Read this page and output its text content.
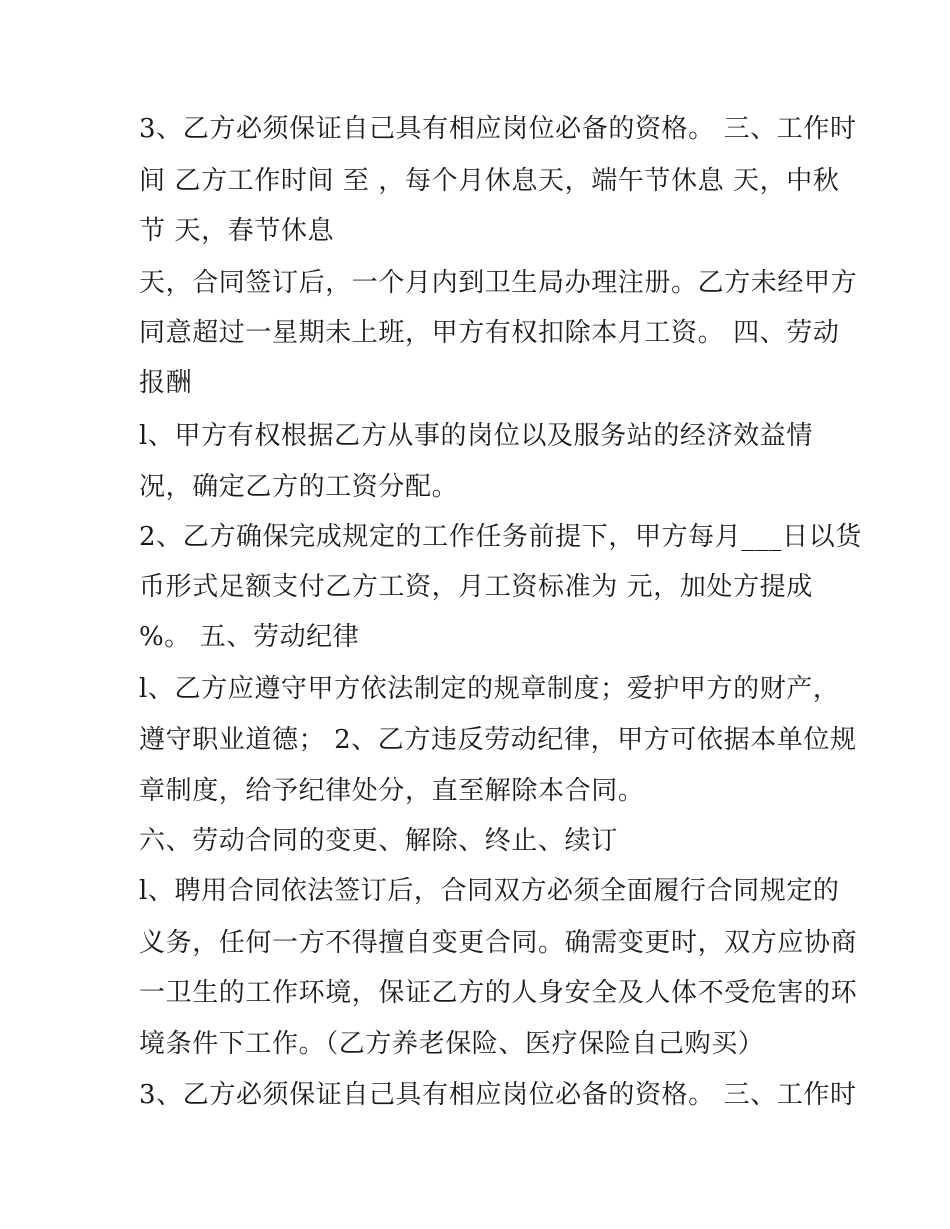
3、乙方必须保证自己具有相应岗位必备的资格。 三、工作时
间 乙方工作时间 至 ，每个月休息天，端午节休息 天，中秋
节 天，春节休息
天，合同签订后，一个月内到卫生局办理注册。乙方未经甲方
同意超过一星期未上班，甲方有权扣除本月工资。 四、劳动
报酬
l、甲方有权根据乙方从事的岗位以及服务站的经济效益情
况，确定乙方的工资分配。
2、乙方确保完成规定的工作任务前提下，甲方每月___日以货
币形式足额支付乙方工资，月工资标准为 元，加处方提成
%。 五、劳动纪律
l、乙方应遵守甲方依法制定的规章制度；爱护甲方的财产，
遵守职业道德； 2、乙方违反劳动纪律，甲方可依据本单位规
章制度，给予纪律处分，直至解除本合同。
六、劳动合同的变更、解除、终止、续订
l、聘用合同依法签订后，合同双方必须全面履行合同规定的
义务，任何一方不得擅自变更合同。确需变更时，双方应协商
一卫生的工作环境，保证乙方的人身安全及人体不受危害的环
境条件下工作。（乙方养老保险、医疗保险自己购买）
3、乙方必须保证自己具有相应岗位必备的资格。 三、工作时
